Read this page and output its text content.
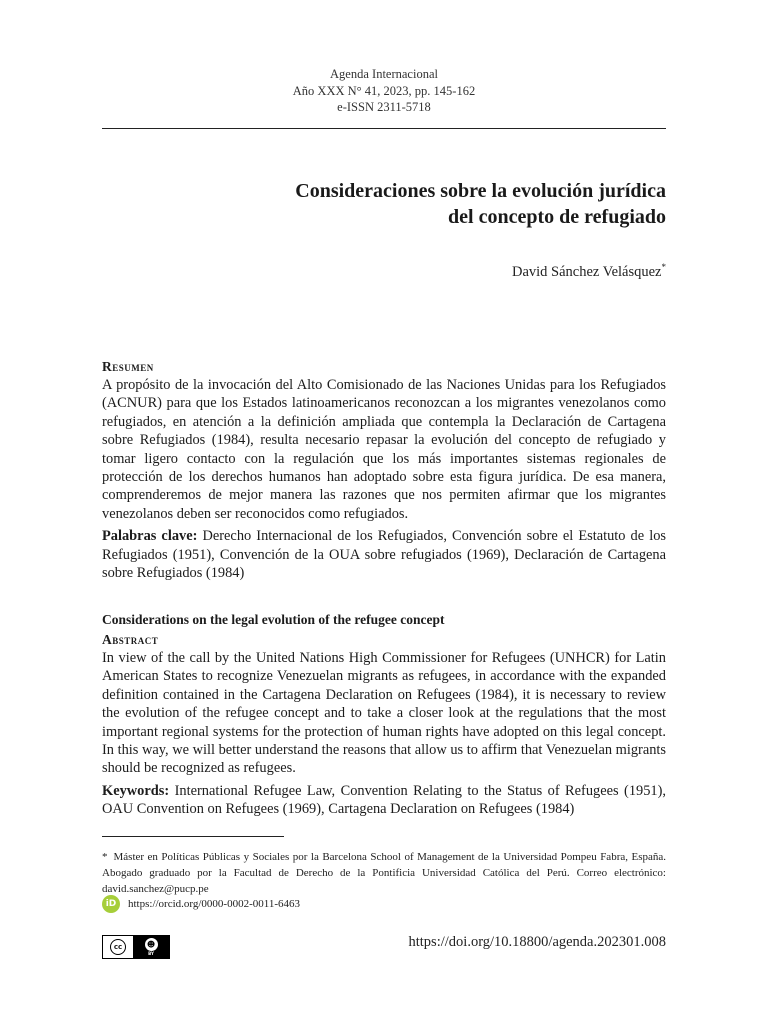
Agenda Internacional
Año XXX N° 41, 2023, pp. 145-162
e-ISSN 2311-5718
Consideraciones sobre la evolución jurídica
del concepto de refugiado
David Sánchez Velásquez*
Resumen
A propósito de la invocación del Alto Comisionado de las Naciones Unidas para los Refugiados (ACNUR) para que los Estados latinoamericanos reconozcan a los migrantes venezolanos como refugiados, en atención a la definición ampliada que contempla la Declaración de Cartagena sobre Refugiados (1984), resulta necesario repasar la evolución del concepto de refugiado y tomar ligero contacto con la regulación que los más importantes sistemas regionales de protección de los derechos humanos han adoptado sobre esta figura jurídica. De esa manera, comprenderemos de mejor manera las razones que nos permiten afirmar que los migrantes venezolanos deben ser reconocidos como refugiados.
Palabras clave: Derecho Internacional de los Refugiados, Convención sobre el Estatuto de los Refugiados (1951), Convención de la OUA sobre refugiados (1969), Declaración de Cartagena sobre Refugiados (1984)
Considerations on the legal evolution of the refugee concept
Abstract
In view of the call by the United Nations High Commissioner for Refugees (UNHCR) for Latin American States to recognize Venezuelan migrants as refugees, in accordance with the expanded definition contained in the Cartagena Declaration on Refugees (1984), it is necessary to review the evolution of the refugee concept and to take a closer look at the regulations that the most important regional systems for the protection of human rights have adopted on this legal concept. In this way, we will better understand the reasons that allow us to affirm that Venezuelan migrants should be recognized as refugees.
Keywords: International Refugee Law, Convention Relating to the Status of Refugees (1951), OAU Convention on Refugees (1969), Cartagena Declaration on Refugees (1984)
* Máster en Políticas Públicas y Sociales por la Barcelona School of Management de la Universidad Pompeu Fabra, España. Abogado graduado por la Facultad de Derecho de la Pontificia Universidad Católica del Perú. Correo electrónico: david.sanchez@pucp.pe
iD	https://orcid.org/0000-0002-0011-6463
cc	☻
BY
https://doi.org/10.18800/agenda.202301.008
